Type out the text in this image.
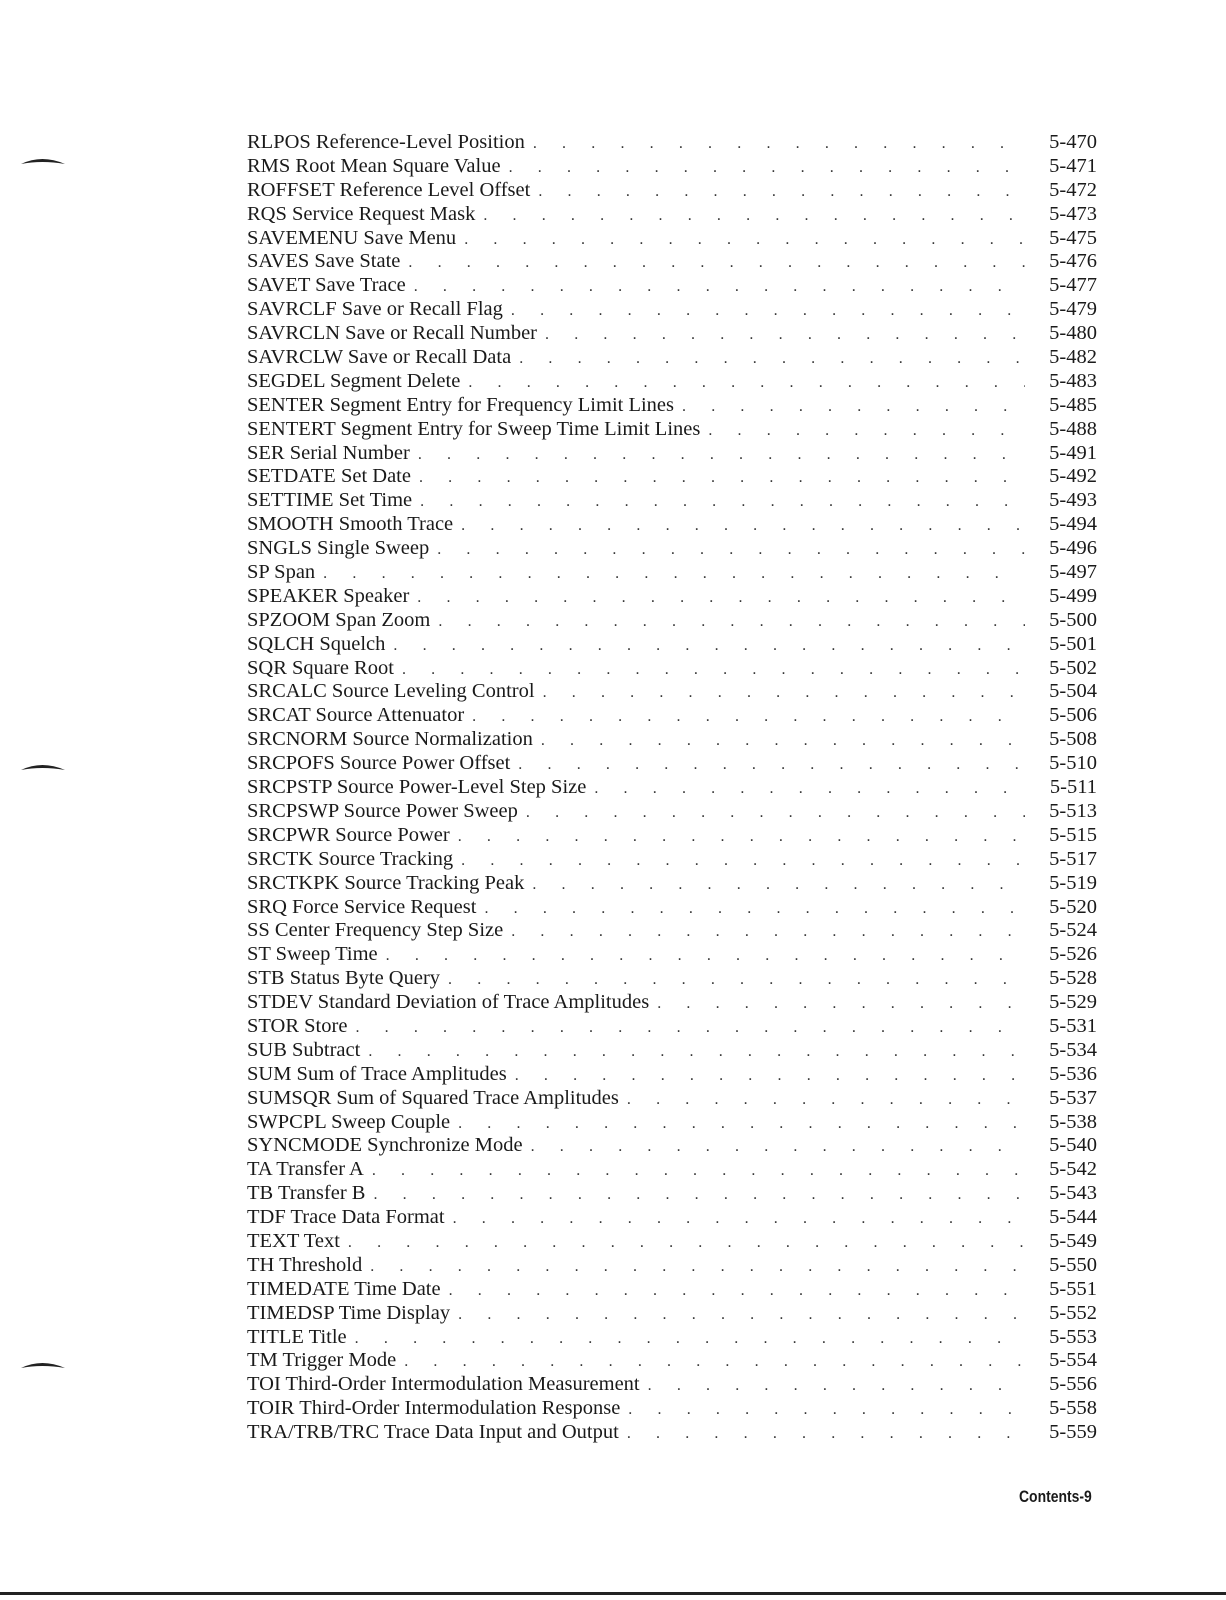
RLPOS Reference-Level Position . . .	5-470
RMS Root Mean Square Value . . .	5-471
ROFFSET Reference Level Offset . . .	5-472
RQS Service Request Mask . . .	5-473
SAVEMENU Save Menu . . .	5-475
SAVES Save State . . .	5-476
SAVET Save Trace . . .	5-477
SAVRCLF Save or Recall Flag . . .	5-479
SAVRCLN Save or Recall Number . . .	5-480
SAVRCLW Save or Recall Data . . .	5-482
SEGDEL Segment Delete . . .	5-483
SENTER Segment Entry for Frequency Limit Lines . . .	5-485
SENTERT Segment Entry for Sweep Time Limit Lines . . .	5-488
SER Serial Number . . .	5-491
SETDATE Set Date . . .	5-492
SETTIME Set Time . . .	5-493
SMOOTH Smooth Trace . . .	5-494
SNGLS Single Sweep . . .	5-496
SP Span . . .	5-497
SPEAKER Speaker . . .	5-499
SPZOOM Span Zoom . . .	5-500
SQLCH Squelch . . .	5-501
SQR Square Root . . .	5-502
SRCALC Source Leveling Control . . .	5-504
SRCAT Source Attenuator . . .	5-506
SRCNORM Source Normalization . . .	5-508
SRCPOFS Source Power Offset . . .	5-510
SRCPSTP Source Power-Level Step Size . . .	5-511
SRCPSWP Source Power Sweep . . .	5-513
SRCPWR Source Power . . .	5-515
SRCTK Source Tracking . . .	5-517
SRCTKPK Source Tracking Peak . . .	5-519
SRQ Force Service Request . . .	5-520
SS Center Frequency Step Size . . .	5-524
ST Sweep Time . . .	5-526
STB Status Byte Query . . .	5-528
STDEV Standard Deviation of Trace Amplitudes . . .	5-529
STOR Store . . .	5-531
SUB Subtract . . .	5-534
SUM Sum of Trace Amplitudes . . .	5-536
SUMSQR Sum of Squared Trace Amplitudes . . .	5-537
SWPCPL Sweep Couple . . .	5-538
SYNCMODE Synchronize Mode . . .	5-540
TA Transfer A . . .	5-542
TB Transfer B . . .	5-543
TDF Trace Data Format . . .	5-544
TEXT Text . . .	5-549
TH Threshold . . .	5-550
TIMEDATE Time Date . . .	5-551
TIMEDSP Time Display . . .	5-552
TITLE Title . . .	5-553
TM Trigger Mode . . .	5-554
TOI Third-Order Intermodulation Measurement . . .	5-556
TOIR Third-Order Intermodulation Response . . .	5-558
TRA/TRB/TRC Trace Data Input and Output . . .	5-559
Contents-9
